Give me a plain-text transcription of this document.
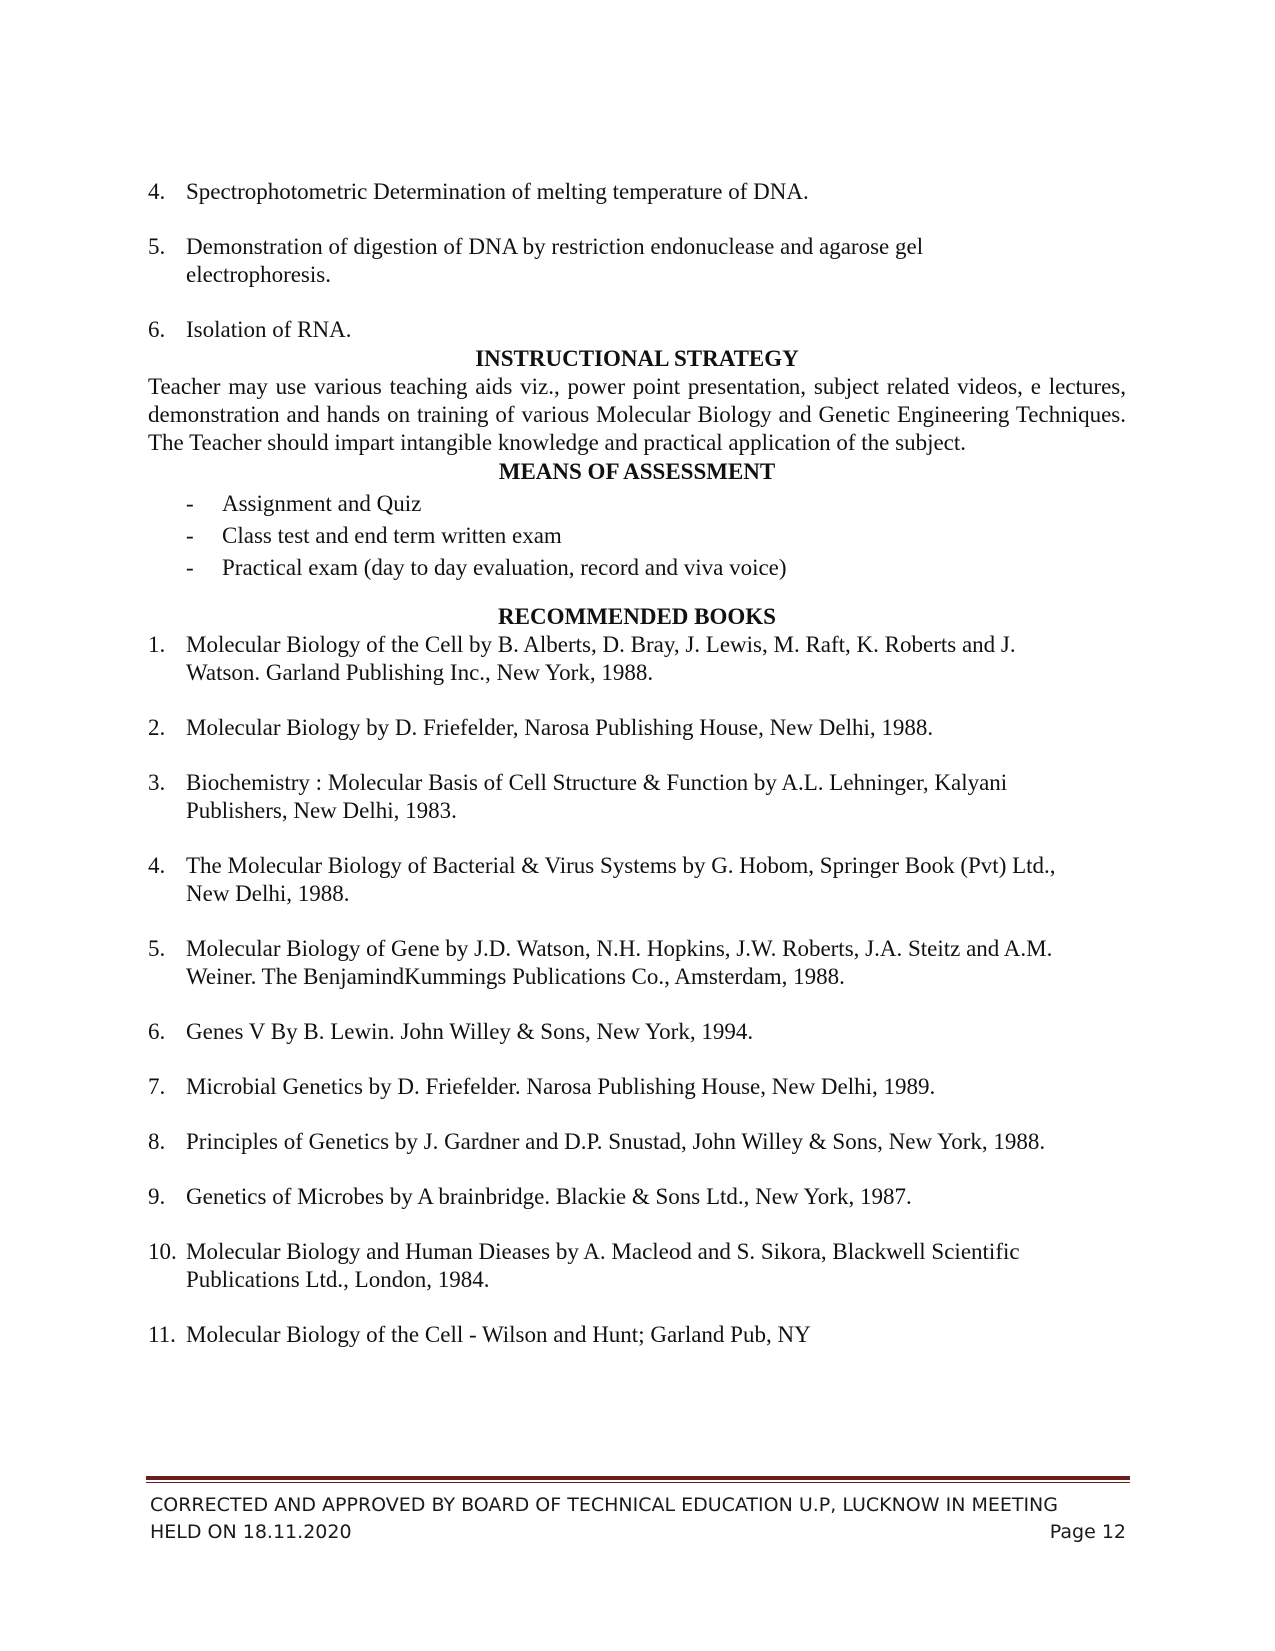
4. Spectrophotometric Determination of melting temperature of DNA.
5. Demonstration of digestion of DNA by restriction endonuclease and agarose gel electrophoresis.
6. Isolation of RNA.

INSTRUCTIONAL STRATEGY

Teacher may use various teaching aids viz., power point presentation, subject related videos, e lectures, demonstration and hands on training of various Molecular Biology and Genetic Engineering Techniques. The Teacher should impart intangible knowledge and practical application of the subject.

MEANS OF ASSESSMENT

- Assignment and Quiz
- Class test and end term written exam
- Practical exam (day to day evaluation, record and viva voice)

RECOMMENDED BOOKS

1. Molecular Biology of the Cell by B. Alberts, D. Bray, J. Lewis, M. Raft, K. Roberts and J. Watson. Garland Publishing Inc., New York, 1988.
2. Molecular Biology by D. Friefelder, Narosa Publishing House, New Delhi, 1988.
3. Biochemistry : Molecular Basis of Cell Structure & Function by A.L. Lehninger, Kalyani Publishers, New Delhi, 1983.
4. The Molecular Biology of Bacterial & Virus Systems by G. Hobom, Springer Book (Pvt) Ltd., New Delhi, 1988.
5. Molecular Biology of Gene by J.D. Watson, N.H. Hopkins, J.W. Roberts, J.A. Steitz and A.M. Weiner. The BenjamindKummings Publications Co., Amsterdam, 1988.
6. Genes V By B. Lewin. John Willey & Sons, New York, 1994.
7. Microbial Genetics by D. Friefelder. Narosa Publishing House, New Delhi, 1989.
8. Principles of Genetics by J. Gardner and D.P. Snustad, John Willey & Sons, New York, 1988.
9. Genetics of Microbes by A brainbridge. Blackie & Sons Ltd., New York, 1987.
10. Molecular Biology and Human Dieases by A. Macleod and S. Sikora, Blackwell Scientific Publications Ltd., London, 1984.
11. Molecular Biology of the Cell - Wilson and Hunt; Garland Pub, NY
CORRECTED AND APPROVED BY BOARD OF TECHNICAL EDUCATION U.P, LUCKNOW IN MEETING
HELD ON 18.11.2020	Page 12
